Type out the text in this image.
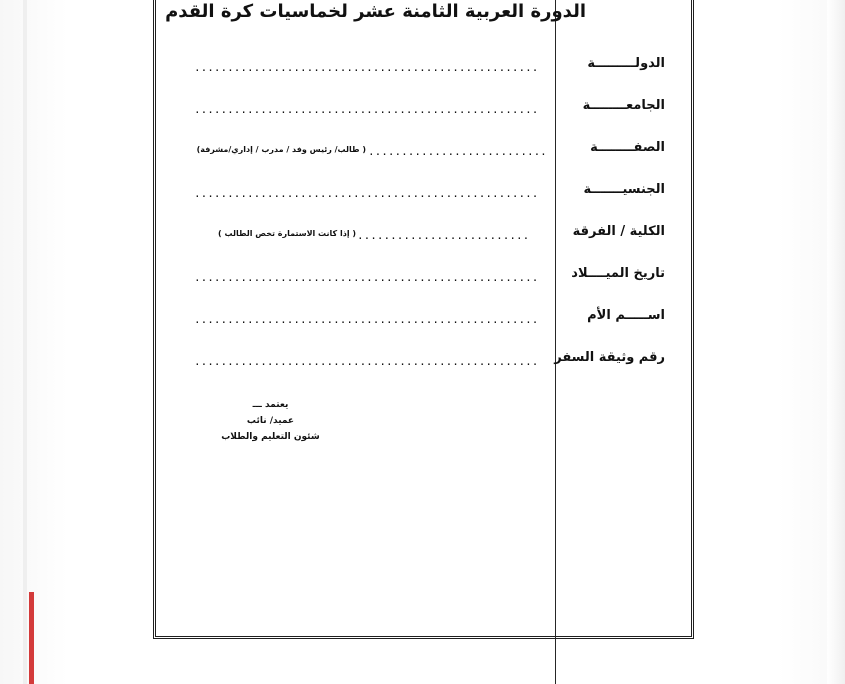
الدورة العربية الثامنة عشر لخماسيات كرة القدم
الدولـــــــــة
....................................................
الجامعــــــــة
....................................................
الصفــــــــة
...........................
( طالب/ رئيس وفد / مدرب / إداري/مشرفة)
الجنسيـــــــة
....................................................
الكلية / الفرقة
..........................
( إذا كانت الاستمارة تخص الطالب )
تاريخ الميــــلاد
....................................................
اســـــم الأم
....................................................
رقم وثيقة السفر
....................................................
يعتمد ـــ
عميد/ نائب
شئون التعليم والطلاب
